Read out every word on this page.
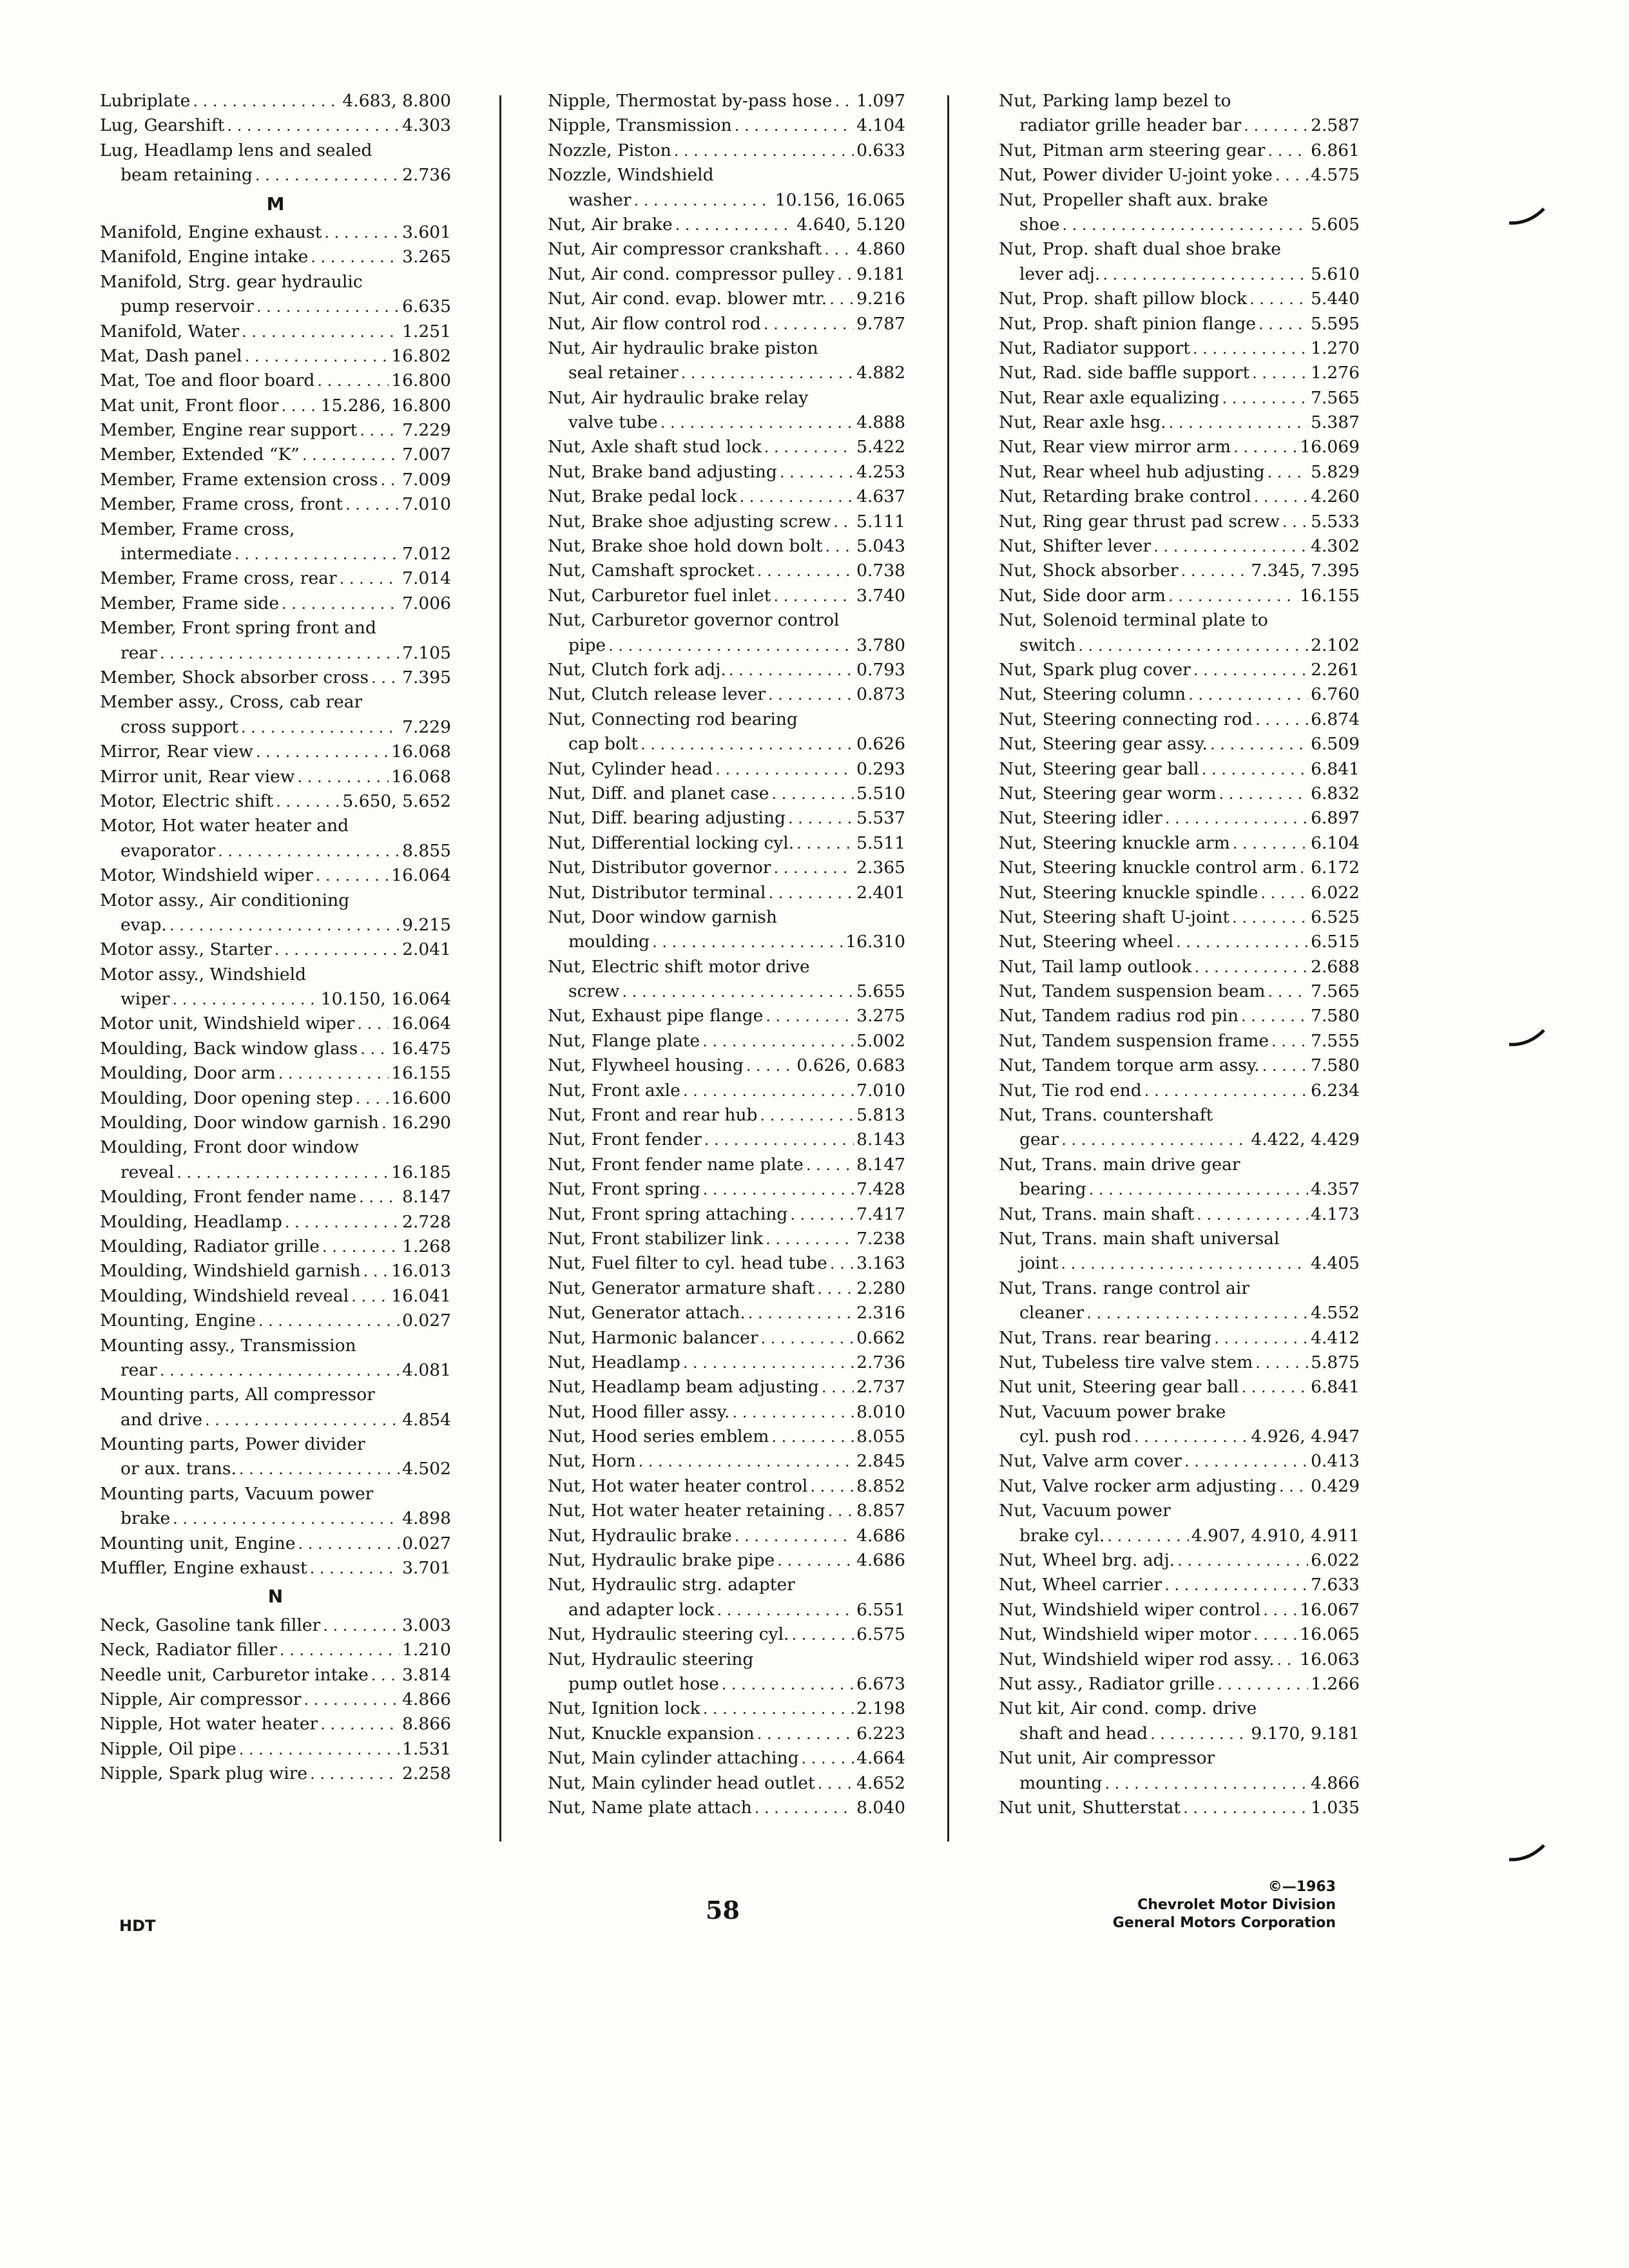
Lubriplate . . .	4.683, 8.800
Lug, Gearshift . . .	4.303
Lug, Headlamp lens and sealed
beam retaining . . .	2.736
M
Manifold, Engine exhaust . . .	3.601
Manifold, Engine intake . . .	3.265
Manifold, Strg. gear hydraulic
pump reservoir . . .	6.635
Manifold, Water . . .	1.251
Mat, Dash panel . . .	16.802
Mat, Toe and floor board . . .	16.800
Mat unit, Front floor . . . 15.286, 16.800
Member, Engine rear support . . .	7.229
Member, Extended “K” . . .	7.007
Member, Frame extension cross . . . 7.009
Member, Frame cross, front . . .	7.010
Member, Frame cross,
intermediate . . .	7.012
Member, Frame cross, rear . . .	7.014
Member, Frame side . . .	7.006
Member, Front spring front and
rear . . .	7.105
Member, Shock absorber cross . . . 7.395
Member assy., Cross, cab rear
cross support . . .	7.229
Mirror, Rear view . . .	16.068
Mirror unit, Rear view . . .	16.068
Motor, Electric shift . . .	5.650, 5.652
Motor, Hot water heater and
evaporator . . .	8.855
Motor, Windshield wiper . . .	16.064
Motor assy., Air conditioning
evap. . . .	9.215
Motor assy., Starter . . .	2.041
Motor assy., Windshield
wiper . . .	10.150, 16.064
Motor unit, Windshield wiper . . . 16.064
Moulding, Back window glass . . . 16.475
Moulding, Door arm . . .	16.155
Moulding, Door opening step . . . 16.600
Moulding, Door window garnish . . . 16.290
Moulding, Front door window
reveal . . .	16.185
Moulding, Front fender name . . .	8.147
Moulding, Headlamp . . .	2.728
Moulding, Radiator grille . . .	1.268
Moulding, Windshield garnish . . . 16.013
Moulding, Windshield reveal . . . 16.041
Mounting, Engine . . .	0.027
Mounting assy., Transmission
rear . . .	4.081
Mounting parts, All compressor
and drive . . .	4.854
Mounting parts, Power divider
or aux. trans. . . .	4.502
Mounting parts, Vacuum power
brake . . .	4.898
Mounting unit, Engine . . .	0.027
Muffler, Engine exhaust . . .	3.701
N
Neck, Gasoline tank filler . . .	3.003
Neck, Radiator filler . . .	1.210
Needle unit, Carburetor intake . . . 3.814
Nipple, Air compressor . . .	4.866
Nipple, Hot water heater . . .	8.866
Nipple, Oil pipe . . .	1.531
Nipple, Spark plug wire . . .	2.258
Nipple, Thermostat by-pass hose . . . 1.097
Nipple, Transmission . . .	4.104
Nozzle, Piston . . .	0.633
Nozzle, Windshield
washer . . .	10.156, 16.065
Nut, Air brake . . .	4.640, 5.120
Nut, Air compressor crankshaft . . . 4.860
Nut, Air cond. compressor pulley . . . 9.181
Nut, Air cond. evap. blower mtr. . . . 9.216
Nut, Air flow control rod . . .	9.787
Nut, Air hydraulic brake piston
seal retainer . . .	4.882
Nut, Air hydraulic brake relay
valve tube . . .	4.888
Nut, Axle shaft stud lock . . .	5.422
Nut, Brake band adjusting . . .	4.253
Nut, Brake pedal lock . . .	4.637
Nut, Brake shoe adjusting screw . . . 5.111
Nut, Brake shoe hold down bolt . . . 5.043
Nut, Camshaft sprocket . . .	0.738
Nut, Carburetor fuel inlet . . .	3.740
Nut, Carburetor governor control
pipe . . .	3.780
Nut, Clutch fork adj. . . .	0.793
Nut, Clutch release lever . . .	0.873
Nut, Connecting rod bearing
cap bolt . . .	0.626
Nut, Cylinder head . . .	0.293
Nut, Diff. and planet case . . .	5.510
Nut, Diff. bearing adjusting . . .	5.537
Nut, Differential locking cyl. . . .	5.511
Nut, Distributor governor . . .	2.365
Nut, Distributor terminal . . .	2.401
Nut, Door window garnish
moulding . . .	16.310
Nut, Electric shift motor drive
screw . . .	5.655
Nut, Exhaust pipe flange . . .	3.275
Nut, Flange plate . . .	5.002
Nut, Flywheel housing . . .	0.626, 0.683
Nut, Front axle . . .	7.010
Nut, Front and rear hub . . .	5.813
Nut, Front fender . . .	8.143
Nut, Front fender name plate . . .	8.147
Nut, Front spring . . .	7.428
Nut, Front spring attaching . . .	7.417
Nut, Front stabilizer link . . .	7.238
Nut, Fuel filter to cyl. head tube . . . 3.163
Nut, Generator armature shaft . . . 2.280
Nut, Generator attach. . . .	2.316
Nut, Harmonic balancer . . .	0.662
Nut, Headlamp . . .	2.736
Nut, Headlamp beam adjusting . . . 2.737
Nut, Hood filler assy. . . .	8.010
Nut, Hood series emblem . . .	8.055
Nut, Horn . . .	2.845
Nut, Hot water heater control . . .	8.852
Nut, Hot water heater retaining . . . 8.857
Nut, Hydraulic brake . . .	4.686
Nut, Hydraulic brake pipe . . .	4.686
Nut, Hydraulic strg. adapter
and adapter lock . . .	6.551
Nut, Hydraulic steering cyl. . . .	6.575
Nut, Hydraulic steering
pump outlet hose . . .	6.673
Nut, Ignition lock . . .	2.198
Nut, Knuckle expansion . . .	6.223
Nut, Main cylinder attaching . . .	4.664
Nut, Main cylinder head outlet . . . 4.652
Nut, Name plate attach . . .	8.040
Nut, Parking lamp bezel to
radiator grille header bar . . .	2.587
Nut, Pitman arm steering gear . . .	6.861
Nut, Power divider U-joint yoke . . . 4.575
Nut, Propeller shaft aux. brake
shoe . . .	5.605
Nut, Prop. shaft dual shoe brake
lever adj. . . .	5.610
Nut, Prop. shaft pillow block . . .	5.440
Nut, Prop. shaft pinion flange . . .	5.595
Nut, Radiator support . . .	1.270
Nut, Rad. side baffle support . . .	1.276
Nut, Rear axle equalizing . . .	7.565
Nut, Rear axle hsg. . . .	5.387
Nut, Rear view mirror arm . . .	16.069
Nut, Rear wheel hub adjusting . . .	5.829
Nut, Retarding brake control . . .	4.260
Nut, Ring gear thrust pad screw . . . 5.533
Nut, Shifter lever . . .	4.302
Nut, Shock absorber . . .	7.345, 7.395
Nut, Side door arm . . .	16.155
Nut, Solenoid terminal plate to
switch . . .	2.102
Nut, Spark plug cover . . .	2.261
Nut, Steering column . . .	6.760
Nut, Steering connecting rod . . .	6.874
Nut, Steering gear assy. . . .	6.509
Nut, Steering gear ball . . .	6.841
Nut, Steering gear worm . . .	6.832
Nut, Steering idler . . .	6.897
Nut, Steering knuckle arm . . .	6.104
Nut, Steering knuckle control arm . . . 6.172
Nut, Steering knuckle spindle . . .	6.022
Nut, Steering shaft U-joint . . .	6.525
Nut, Steering wheel . . .	6.515
Nut, Tail lamp outlook . . .	2.688
Nut, Tandem suspension beam . . .	7.565
Nut, Tandem radius rod pin . . .	7.580
Nut, Tandem suspension frame . . . 7.555
Nut, Tandem torque arm assy. . . .	7.580
Nut, Tie rod end . . .	6.234
Nut, Trans. countershaft
gear . . .	4.422, 4.429
Nut, Trans. main drive gear
bearing . . .	4.357
Nut, Trans. main shaft . . .	4.173
Nut, Trans. main shaft universal
joint . . .	4.405
Nut, Trans. range control air
cleaner . . .	4.552
Nut, Trans. rear bearing . . .	4.412
Nut, Tubeless tire valve stem . . .	5.875
Nut unit, Steering gear ball . . .	6.841
Nut, Vacuum power brake
cyl. push rod . . .	4.926, 4.947
Nut, Valve arm cover . . .	0.413
Nut, Valve rocker arm adjusting . . . 0.429
Nut, Vacuum power
brake cyl. . . .	4.907, 4.910, 4.911
Nut, Wheel brg. adj. . . .	6.022
Nut, Wheel carrier . . .	7.633
Nut, Windshield wiper control . . . 16.067
Nut, Windshield wiper motor . . .	16.065
Nut, Windshield wiper rod assy. . . . 16.063
Nut assy., Radiator grille . . .	1.266
Nut kit, Air cond. comp. drive
shaft and head . . .	9.170, 9.181
Nut unit, Air compressor
mounting . . .	4.866
Nut unit, Shutterstat . . .	1.035
HDT
58
©—1963
Chevrolet Motor Division
General Motors Corporation
